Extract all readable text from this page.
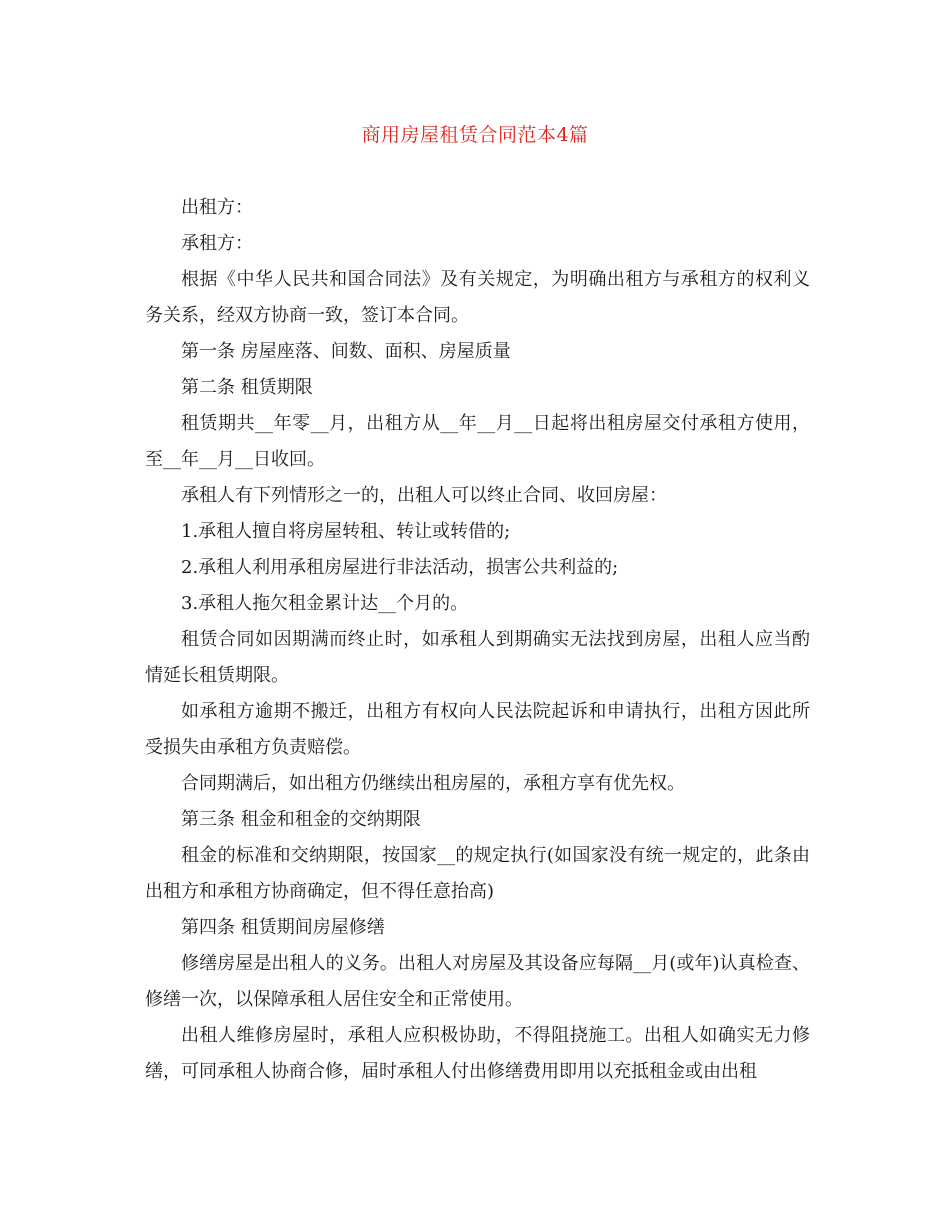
商用房屋租赁合同范本4篇

出租方：

承租方：

根据《中华人民共和国合同法》及有关规定，为明确出租方与承租方的权利义务关系，经双方协商一致，签订本合同。

第一条 房屋座落、间数、面积、房屋质量

第二条 租赁期限

租赁期共__年零__月，出租方从__年__月__日起将出租房屋交付承租方使用，至__年__月__日收回。

承租人有下列情形之一的，出租人可以终止合同、收回房屋：

1.承租人擅自将房屋转租、转让或转借的;

2.承租人利用承租房屋进行非法活动，损害公共利益的;

3.承租人拖欠租金累计达__个月的。

租赁合同如因期满而终止时，如承租人到期确实无法找到房屋，出租人应当酌情延长租赁期限。

如承租方逾期不搬迁，出租方有权向人民法院起诉和申请执行，出租方因此所受损失由承租方负责赔偿。

合同期满后，如出租方仍继续出租房屋的，承租方享有优先权。

第三条 租金和租金的交纳期限

租金的标准和交纳期限，按国家__的规定执行(如国家没有统一规定的，此条由出租方和承租方协商确定，但不得任意抬高)

第四条 租赁期间房屋修缮

修缮房屋是出租人的义务。出租人对房屋及其设备应每隔__月(或年)认真检查、修缮一次，以保障承租人居住安全和正常使用。

出租人维修房屋时，承租人应积极协助，不得阻挠施工。出租人如确实无力修缮，可同承租人协商合修，届时承租人付出修缮费用即用以充抵租金或由出租
